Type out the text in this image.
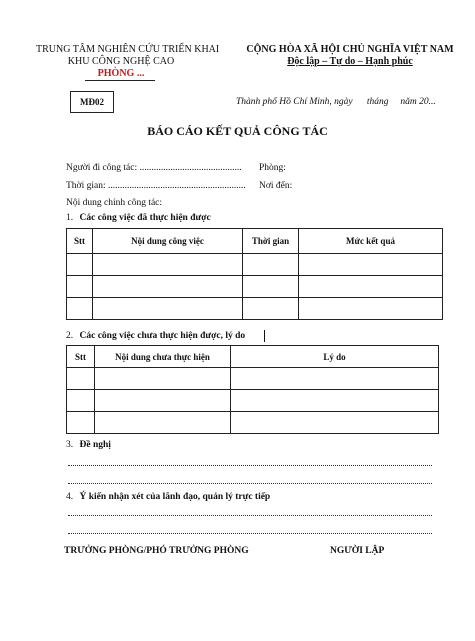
TRUNG TÂM NGHIÊN CỨU TRIỂN KHAI
KHU CÔNG NGHỆ CAO
PHÒNG ...
CỘNG HÒA XÃ HỘI CHỦ NGHĨA VIỆT NAM
Độc lập – Tự do – Hạnh phúc
MĐ02	Thành phố Hồ Chí Minh, ngày      tháng     năm 20...
BÁO CÁO KẾT QUẢ CÔNG TÁC
Người đi công tác: ........................................... Phòng:
Thời gian: .......................................................... Nơi đến:
Nội dung chính công tác:
1. Các công việc đã thực hiện được
Stt	Nội dung công việc	Thời gian	Mức kết quả

2. Các công việc chưa thực hiện được, lý do
Stt	Nội dung chưa thực hiện	Lý do

3. Đề nghị
4. Ý kiến nhận xét của lãnh đạo, quản lý trực tiếp
TRƯỞNG PHÒNG/PHÓ TRƯỞNG PHÒNG	NGƯỜI LẬP
